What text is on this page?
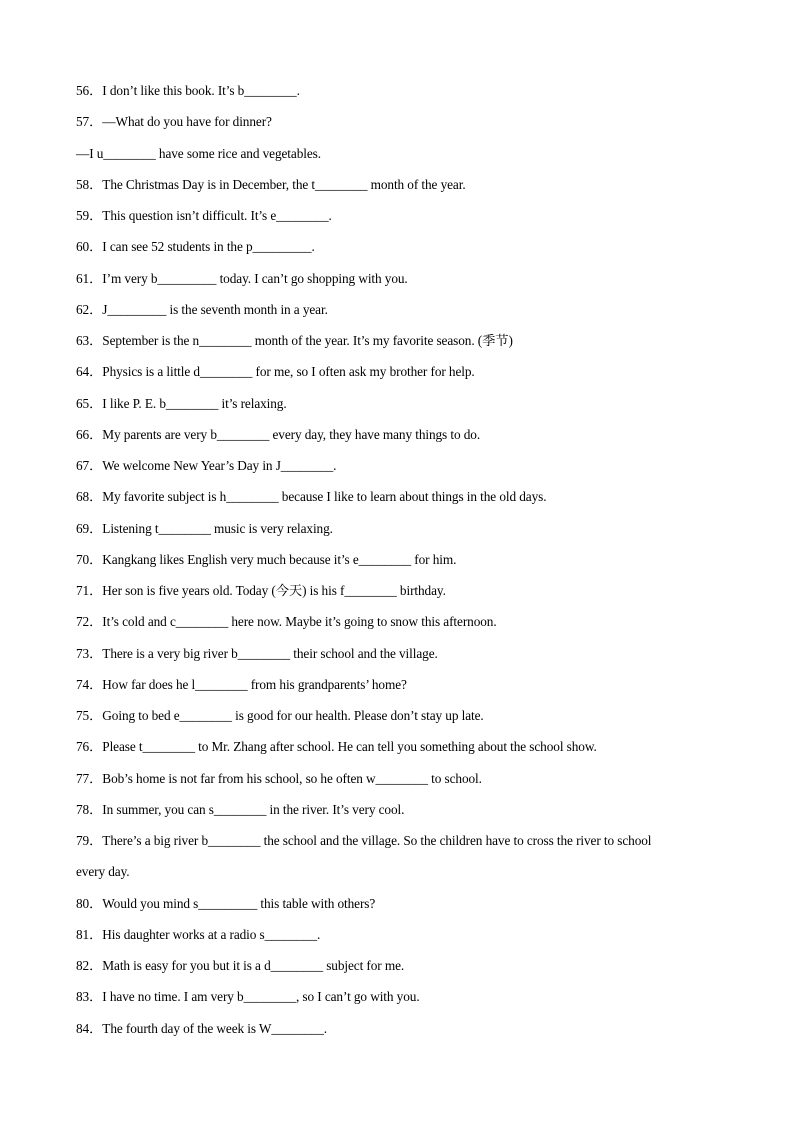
56．I don’t like this book. It’s b________.
57．—What do you have for dinner?
—I u________ have some rice and vegetables.
58．The Christmas Day is in December, the t________ month of the year.
59．This question isn’t difficult. It’s e________.
60．I can see 52 students in the p_________.
61．I’m very b_________ today. I can’t go shopping with you.
62．J_________ is the seventh month in a year.
63．September is the n________ month of the year. It’s my favorite season. (季节)
64．Physics is a little d________ for me, so I often ask my brother for help.
65．I like P. E. b________ it’s relaxing.
66．My parents are very b________ every day, they have many things to do.
67．We welcome New Year’s Day in J________.
68．My favorite subject is h________ because I like to learn about things in the old days.
69．Listening t________ music is very relaxing.
70．Kangkang likes English very much because it’s e________ for him.
71．Her son is five years old. Today (今天) is his f________ birthday.
72．It’s cold and c________ here now. Maybe it’s going to snow this afternoon.
73．There is a very big river b________ their school and the village.
74．How far does he l________ from his grandparents’ home?
75．Going to bed e________ is good for our health. Please don’t stay up late.
76．Please t________ to Mr. Zhang after school. He can tell you something about the school show.
77．Bob’s home is not far from his school, so he often w________ to school.
78．In summer, you can s________ in the river. It’s very cool.
79．There’s a big river b________ the school and the village. So the children have to cross the river to school
every day.
80．Would you mind s_________ this table with others?
81．His daughter works at a radio s________.
82．Math is easy for you but it is a d________ subject for me.
83．I have no time. I am very b________, so I can’t go with you.
84．The fourth day of the week is W________.
